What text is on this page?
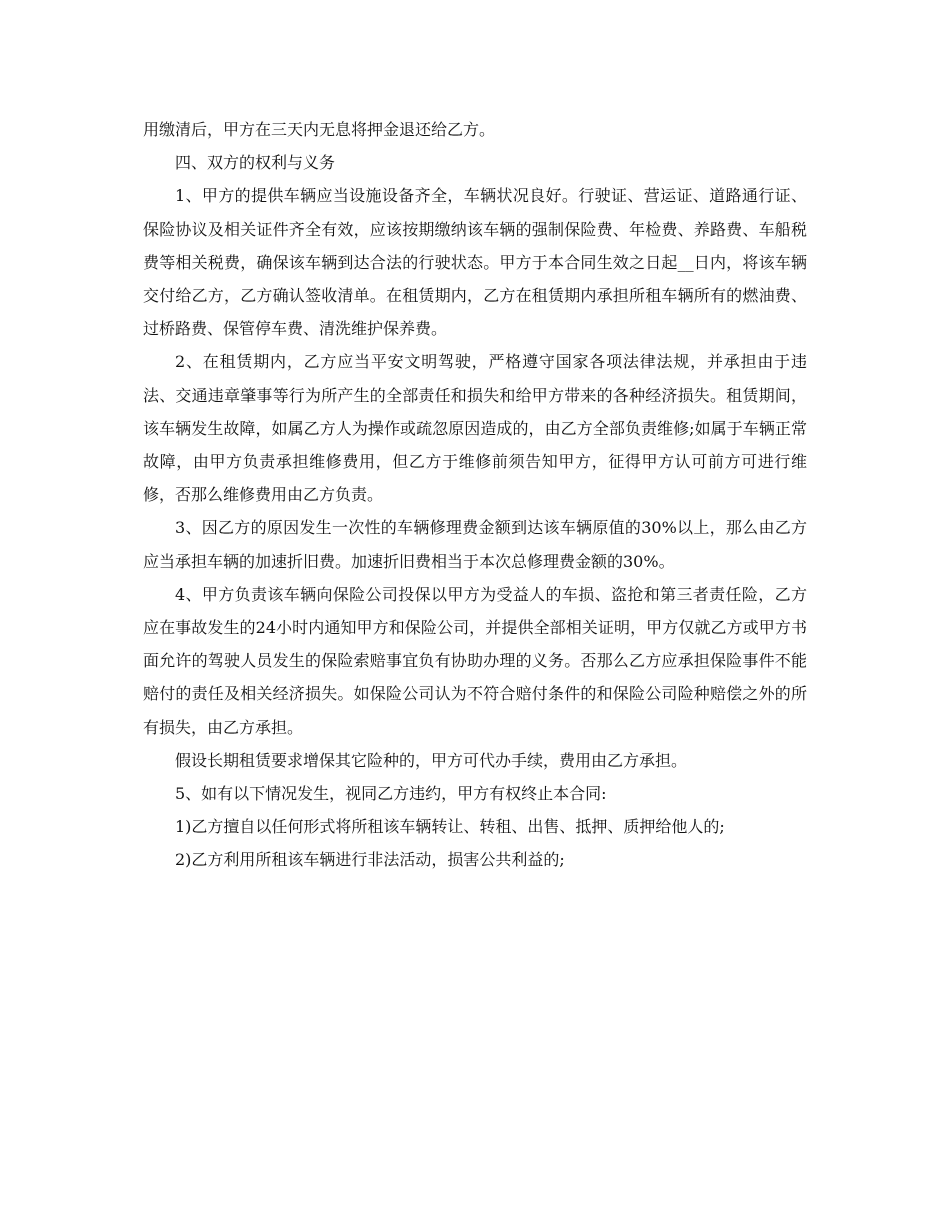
用缴清后，甲方在三天内无息将押金退还给乙方。

四、双方的权利与义务

1、甲方的提供车辆应当设施设备齐全，车辆状况良好。行驶证、营运证、道路通行证、保险协议及相关证件齐全有效，应该按期缴纳该车辆的强制保险费、年检费、养路费、车船税费等相关税费，确保该车辆到达合法的行驶状态。甲方于本合同生效之日起__日内，将该车辆交付给乙方，乙方确认签收清单。在租赁期内，乙方在租赁期内承担所租车辆所有的燃油费、过桥路费、保管停车费、清洗维护保养费。

2、在租赁期内，乙方应当平安文明驾驶，严格遵守国家各项法律法规，并承担由于违法、交通违章肇事等行为所产生的全部责任和损失和给甲方带来的各种经济损失。租赁期间，该车辆发生故障，如属乙方人为操作或疏忽原因造成的，由乙方全部负责维修;如属于车辆正常故障，由甲方负责承担维修费用，但乙方于维修前须告知甲方，征得甲方认可前方可进行维修，否那么维修费用由乙方负责。

3、因乙方的原因发生一次性的车辆修理费金额到达该车辆原值的30%以上，那么由乙方应当承担车辆的加速折旧费。加速折旧费相当于本次总修理费金额的30%。

4、甲方负责该车辆向保险公司投保以甲方为受益人的车损、盗抢和第三者责任险，乙方应在事故发生的24小时内通知甲方和保险公司，并提供全部相关证明，甲方仅就乙方或甲方书面允许的驾驶人员发生的保险索赔事宜负有协助办理的义务。否那么乙方应承担保险事件不能赔付的责任及相关经济损失。如保险公司认为不符合赔付条件的和保险公司险种赔偿之外的所有损失，由乙方承担。

假设长期租赁要求增保其它险种的，甲方可代办手续，费用由乙方承担。

5、如有以下情况发生，视同乙方违约，甲方有权终止本合同:

1)乙方擅自以任何形式将所租该车辆转让、转租、出售、抵押、质押给他人的;

2)乙方利用所租该车辆进行非法活动，损害公共利益的;
